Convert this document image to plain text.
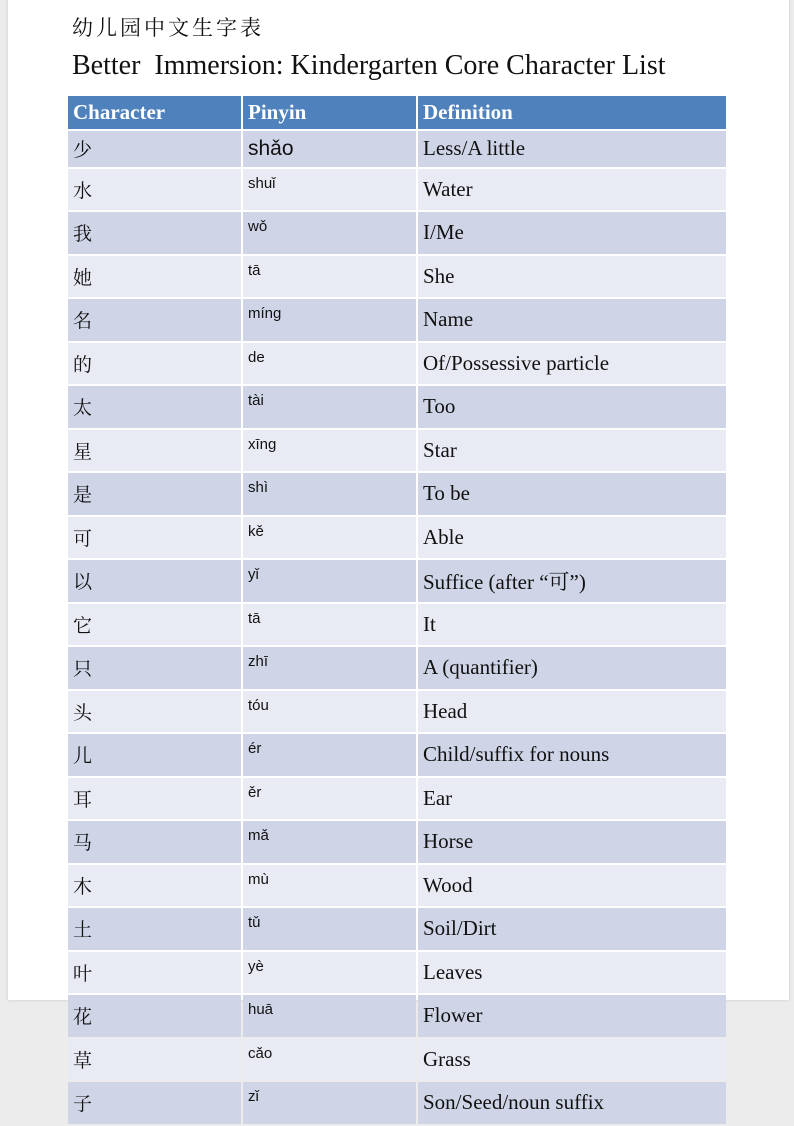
幼儿园中文生字表
Better  Immersion: Kindergarten Core Character List
Character	Pinyin	Definition
少	shǎo	Less/A little
水	shuǐ	Water
我	wǒ	I/Me
她	tā	She
名	míng	Name
的	de	Of/Possessive particle
太	tài	Too
星	xīng	Star
是	shì	To be
可	kě	Able
以	yǐ	Suffice (after “可”)
它	tā	It
只	zhī	A (quantifier)
头	tóu	Head
儿	ér	Child/suffix for nouns
耳	ěr	Ear
马	mǎ	Horse
木	mù	Wood
土	tǔ	Soil/Dirt
叶	yè	Leaves
花	huā	Flower
草	cǎo	Grass
子	zǐ	Son/Seed/noun suffix
